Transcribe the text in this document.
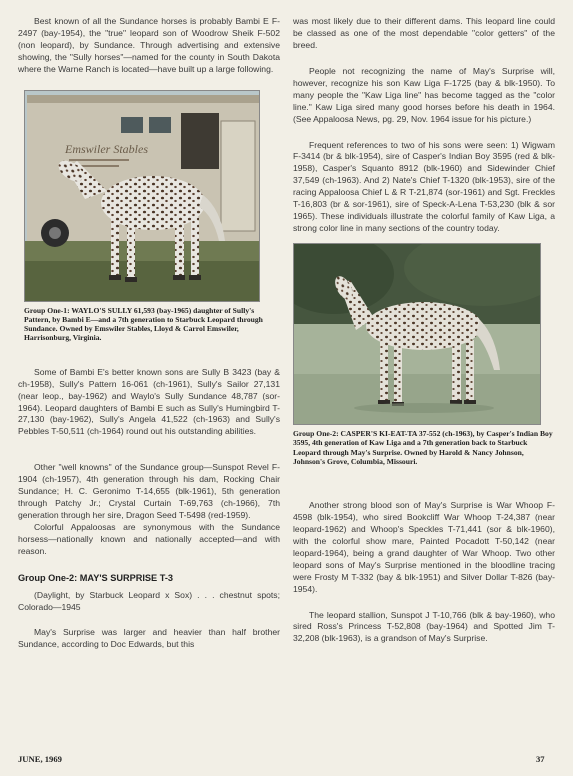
Best known of all the Sundance horses is probably Bambi E F-2497 (bay-1954), the "true" leopard son of Woodrow Sheik F-502 (non leopard), by Sundance. Through advertising and extensive showing, the "Sully horses"—named for the county in South Dakota where the Warne Ranch is located—have built up a large following.

Emswiler Stables
Group One-1: WAYLO'S SULLY 61,593 (bay-1965) daughter of Sully's Pattern, by Bambi E—and a 7th generation to Starbuck Leopard through Sundance. Owned by Emswiler Stables, Lloyd & Carrol Emswiler, Harrisonburg, Virginia.

Some of Bambi E's better known sons are Sully B 3423 (bay & ch-1958), Sully's Pattern 16-061 (ch-1961), Sully's Sailor 27,131 (near leop., bay-1962) and Waylo's Sully Sundance 48,787 (sor- 1964). Leopard daughters of Bambi E such as Sully's Humingbird T-27,130 (bay-1962), Sully's Angela 41,522 (ch-1963) and Sully's Pebbles T-50,511 (ch-1964) round out his outstanding abilities.

Other "well knowns" of the Sundance group—Sunspot Revel F-1904 (ch-1957), 4th generation through his dam, Rocking Chair Sundance; H. C. Geronimo T-14,655 (blk-1961), 5th generation through Patchy Jr.; Crystal Curtain T-69,763 (ch-1966), 7th generation through her sire, Dragon Seed T-5498 (red-1959).

Colorful Appaloosas are synonymous with the Sundance horsess—nationally known and nationally accepted—and with reason.

Group One-2: MAY'S SURPRISE T-3

(Daylight, by Starbuck Leopard x Sox) . . . chestnut spots; Colorado—1945

May's Surprise was larger and heavier than half brother Sundance, according to Doc Edwards, but this

was most likely due to their different dams. This leopard line could be classed as one of the most dependable "color getters" of the breed.

People not recognizing the name of May's Surprise will, however, recognize his son Kaw Liga F-1725 (bay & blk-1950). To many people the "Kaw Liga line" has become tagged as the "color line." Kaw Liga sired many good horses before his death in 1964. (See Appaloosa News, pg. 29, Nov. 1964 issue for his picture.)

Frequent references to two of his sons were seen: 1) Wigwam F-3414 (br & blk-1954), sire of Casper's Indian Boy 3595 (red & blk-1958), Casper's Squanto 8912 (blk-1960) and Sidewinder Chief 37,549 (ch-1963). And 2) Nate's Chief T-1320 (blk-1953), sire of the racing Appaloosa Chief L & R T-21,874 (sor-1961) and Sgt. Freckles T-16,803 (br & sor-1961), sire of Speck-A-Lena T-53,230 (blk & sor 1965). These individuals illustrate the colorful family of Kaw Liga, a strong color line in many sections of the country today.

Group One-2: CASPER'S KI-EAT-TA 37-552 (ch-1963), by Casper's Indian Boy 3595, 4th generation of Kaw Liga and a 7th generation back to Starbuck Leopard through May's Surprise. Owned by Harold & Nancy Johnson, Johnson's Grove, Columbia, Missouri.

Another strong blood son of May's Surprise is War Whoop F-4598 (blk-1954), who sired Bookcliff War Whoop T-24,387 (near leopard-1962) and Whoop's Speckles T-71,441 (sor & blk-1960), with the colorful show mare, Painted Pocadott T-50,142 (near leopard-1964), being a grand daughter of War Whoop. Two other leopard sons of May's Surprise mentioned in the bloodline tracing were Frosty M T-332 (bay & blk-1951) and Silver Dollar T-826 (bay-1954).

The leopard stallion, Sunspot J T-10,766 (blk & bay-1960), who sired Ross's Princess T-52,808 (bay-1964) and Spotted Jim T-32,208 (blk-1963), is a grandson of May's Surprise.

JUNE, 1969	37
